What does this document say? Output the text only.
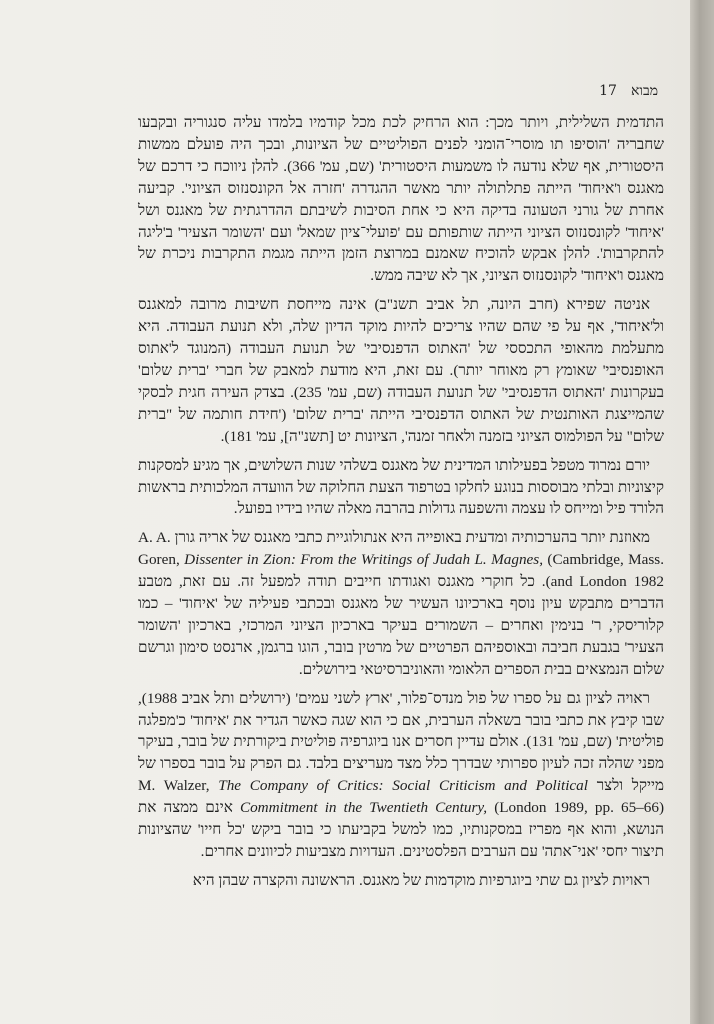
17 מבוא

התדמית השלילית, ויותר מכך: הוא הרחיק לכת מכל קודמיו בלמדו עליה סנגוריה ובקבעו שחבריה 'הוסיפו תו מוסרי־הומני לפנים הפוליטיים של הציונות, ובכך היה פועלם ממשות היסטורית, אף שלא נודעה לו משמעות היסטורית' (שם, עמ' 366). להלן ניווכח כי דרכם של מאגנס ו'איחוד' הייתה פתלתולה יותר מאשר ההגדרה 'חזרה אל הקונסנזוס הציוני'. קביעה אחרת של גורני הטעונה בדיקה היא כי אחת הסיבות לשיבתם ההדרגתית של מאגנס ושל 'איחוד' לקונסנזוס הציוני הייתה שותפותם עם 'פועלי־ציון שמאל' ועם 'השומר הצעיר' ב'ליגה להתקרבות'. להלן אבקש להוכיח שאמנם במרוצת הזמן הייתה מגמת התקרבות ניכרת של מאגנס ו'איחוד' לקונסנזוס הציוני, אך לא שיבה ממש.

אניטה שפירא (חרב היונה, תל אביב תשנ"ב) אינה מייחסת חשיבות מרובה למאגנס ול'איחוד', אף על פי שהם שהיו צריכים להיות מוקד הדיון שלה, ולא תנועת העבודה. היא מתעלמת מהאופי התכססי של 'האתוס הדפנסיבי' של תנועת העבודה (המנוגד ל'אתוס האופנסיבי' שאומץ רק מאוחר יותר). עם זאת, היא מודעת למאבק של חברי 'ברית שלום' בעקרונות 'האתוס הדפנסיבי' של תנועת העבודה (שם, עמ' 235). בצדק העירה חגית לבסקי שהמייצגת האותנטית של האתוס הדפנסיבי הייתה 'ברית שלום' ('חידת חותמה של "ברית שלום" על הפולמוס הציוני בזמנה ולאחר זמנה', הציונות יט [תשנ"ה], עמ' 181).

יורם נמרוד מטפל בפעילותו המדינית של מאגנס בשלהי שנות השלושים, אך מגיע למסקנות קיצוניות ובלתי מבוססות בנוגע לחלקו בטרפוד הצעת החלוקה של הוועדה המלכותית בראשות הלורד פיל ומייחס לו עצמה והשפעה גדולות בהרבה מאלה שהיו בידיו בפועל.

מאוזנת יותר בהערכותיה ומדעית באופייה היא אנתולוגיית כתבי מאגנס של אריה גורן A. A. Goren, Dissenter in Zion: From the Writings of Judah L. Magnes, (Cambridge, Mass. and London 1982). כל חוקרי מאגנס ואגודתו חייבים תודה למפעל זה. עם זאת, מטבע הדברים מתבקש עיון נוסף בארכיונו העשיר של מאגנס ובכתבי פעיליה של 'איחוד' – כמו קלוריסקי, ר' בנימין ואחרים – השמורים בעיקר בארכיון הציוני המרכזי, בארכיון 'השומר הצעיר' בגבעת חביבה ובאוספיהם הפרטיים של מרטין בובר, הוגו ברגמן, ארנסט סימון וגרשם שלום הנמצאים בבית הספרים הלאומי והאוניברסיטאי בירושלים.

ראויה לציון גם על ספרו של פול מנדס־פלור, 'ארץ לשני עמים' (ירושלים ותל אביב 1988), שבו קיבץ את כתבי בובר בשאלה הערבית, אם כי הוא שגה כאשר הגדיר את 'איחוד' כ'מפלגה פוליטית' (שם, עמ' 131). אולם עדיין חסרים אנו ביוגרפיה פוליטית ביקורתית של בובר, בעיקר מפני שהלה זכה לעיון ספרותי שבדרך כלל מצד מעריצים בלבד. גם הפרק על בובר בספרו של מייקל ולצר M. Walzer, The Company of Critics: Social Criticism and Political Commitment in the Twentieth Century, (London 1989, pp. 65–66) אינם ממצה את הנושא, והוא אף מפריז במסקנותיו, כמו למשל בקביעתו כי בובר ביקש 'כל חייו' שהציונות תיצור יחסי 'אני־אתה' עם הערבים הפלסטינים. העדויות מצביעות לכיוונים אחרים.

ראויות לציון גם שתי ביוגרפיות מוקדמות של מאגנס. הראשונה והקצרה שבהן היא
